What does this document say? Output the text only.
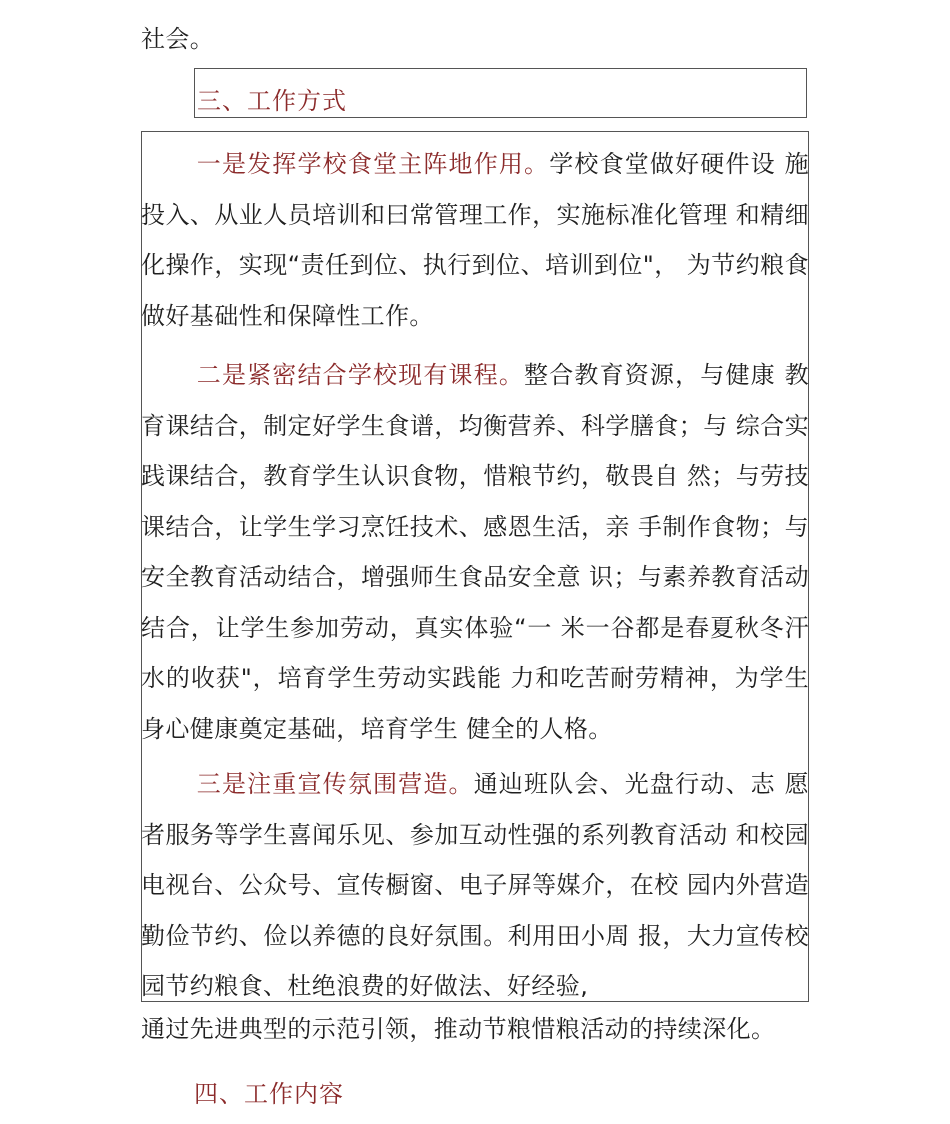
社会。
三、工作方式
一是发挥学校食堂主阵地作用。学校食堂做好硬件设 施投入、从业人员培训和曰常管理工作，实施标准化管理 和精细化操作，实现“责任到位、执行到位、培训到位"， 为节约粮食做好基础性和保障性工作。
二是紧密结合学校现有课程。整合教育资源，与健康 教育课结合，制定好学生食谱，均衡营养、科学膳食；与 综合实践课结合，教育学生认识食物，惜粮节约，敬畏自 然；与劳技课结合，让学生学习烹饪技术、感恩生活，亲 手制作食物；与安全教育活动结合，增强师生食品安全意 识；与素养教育活动结合，让学生参加劳动，真实体验“一 米一谷都是春夏秋冬汗水的收获"，培育学生劳动实践能 力和吃苦耐劳精神，为学生身心健康奠定基础，培育学生 健全的人格。
三是注重宣传氛围营造。通辿班队会、光盘行动、志 愿者服务等学生喜闻乐见、参加互动性强的系列教育活动 和校园电视台、公众号、宣传橱窗、电子屏等媒介，在校 园内外营造勤俭节约、俭以养德的良好氛围。利用田小周 报，大力宣传校园节约粮食、杜绝浪费的好做法、好经验,
通过先进典型的示范引领，推动节粮惜粮活动的持续深化。
四、工作内容
